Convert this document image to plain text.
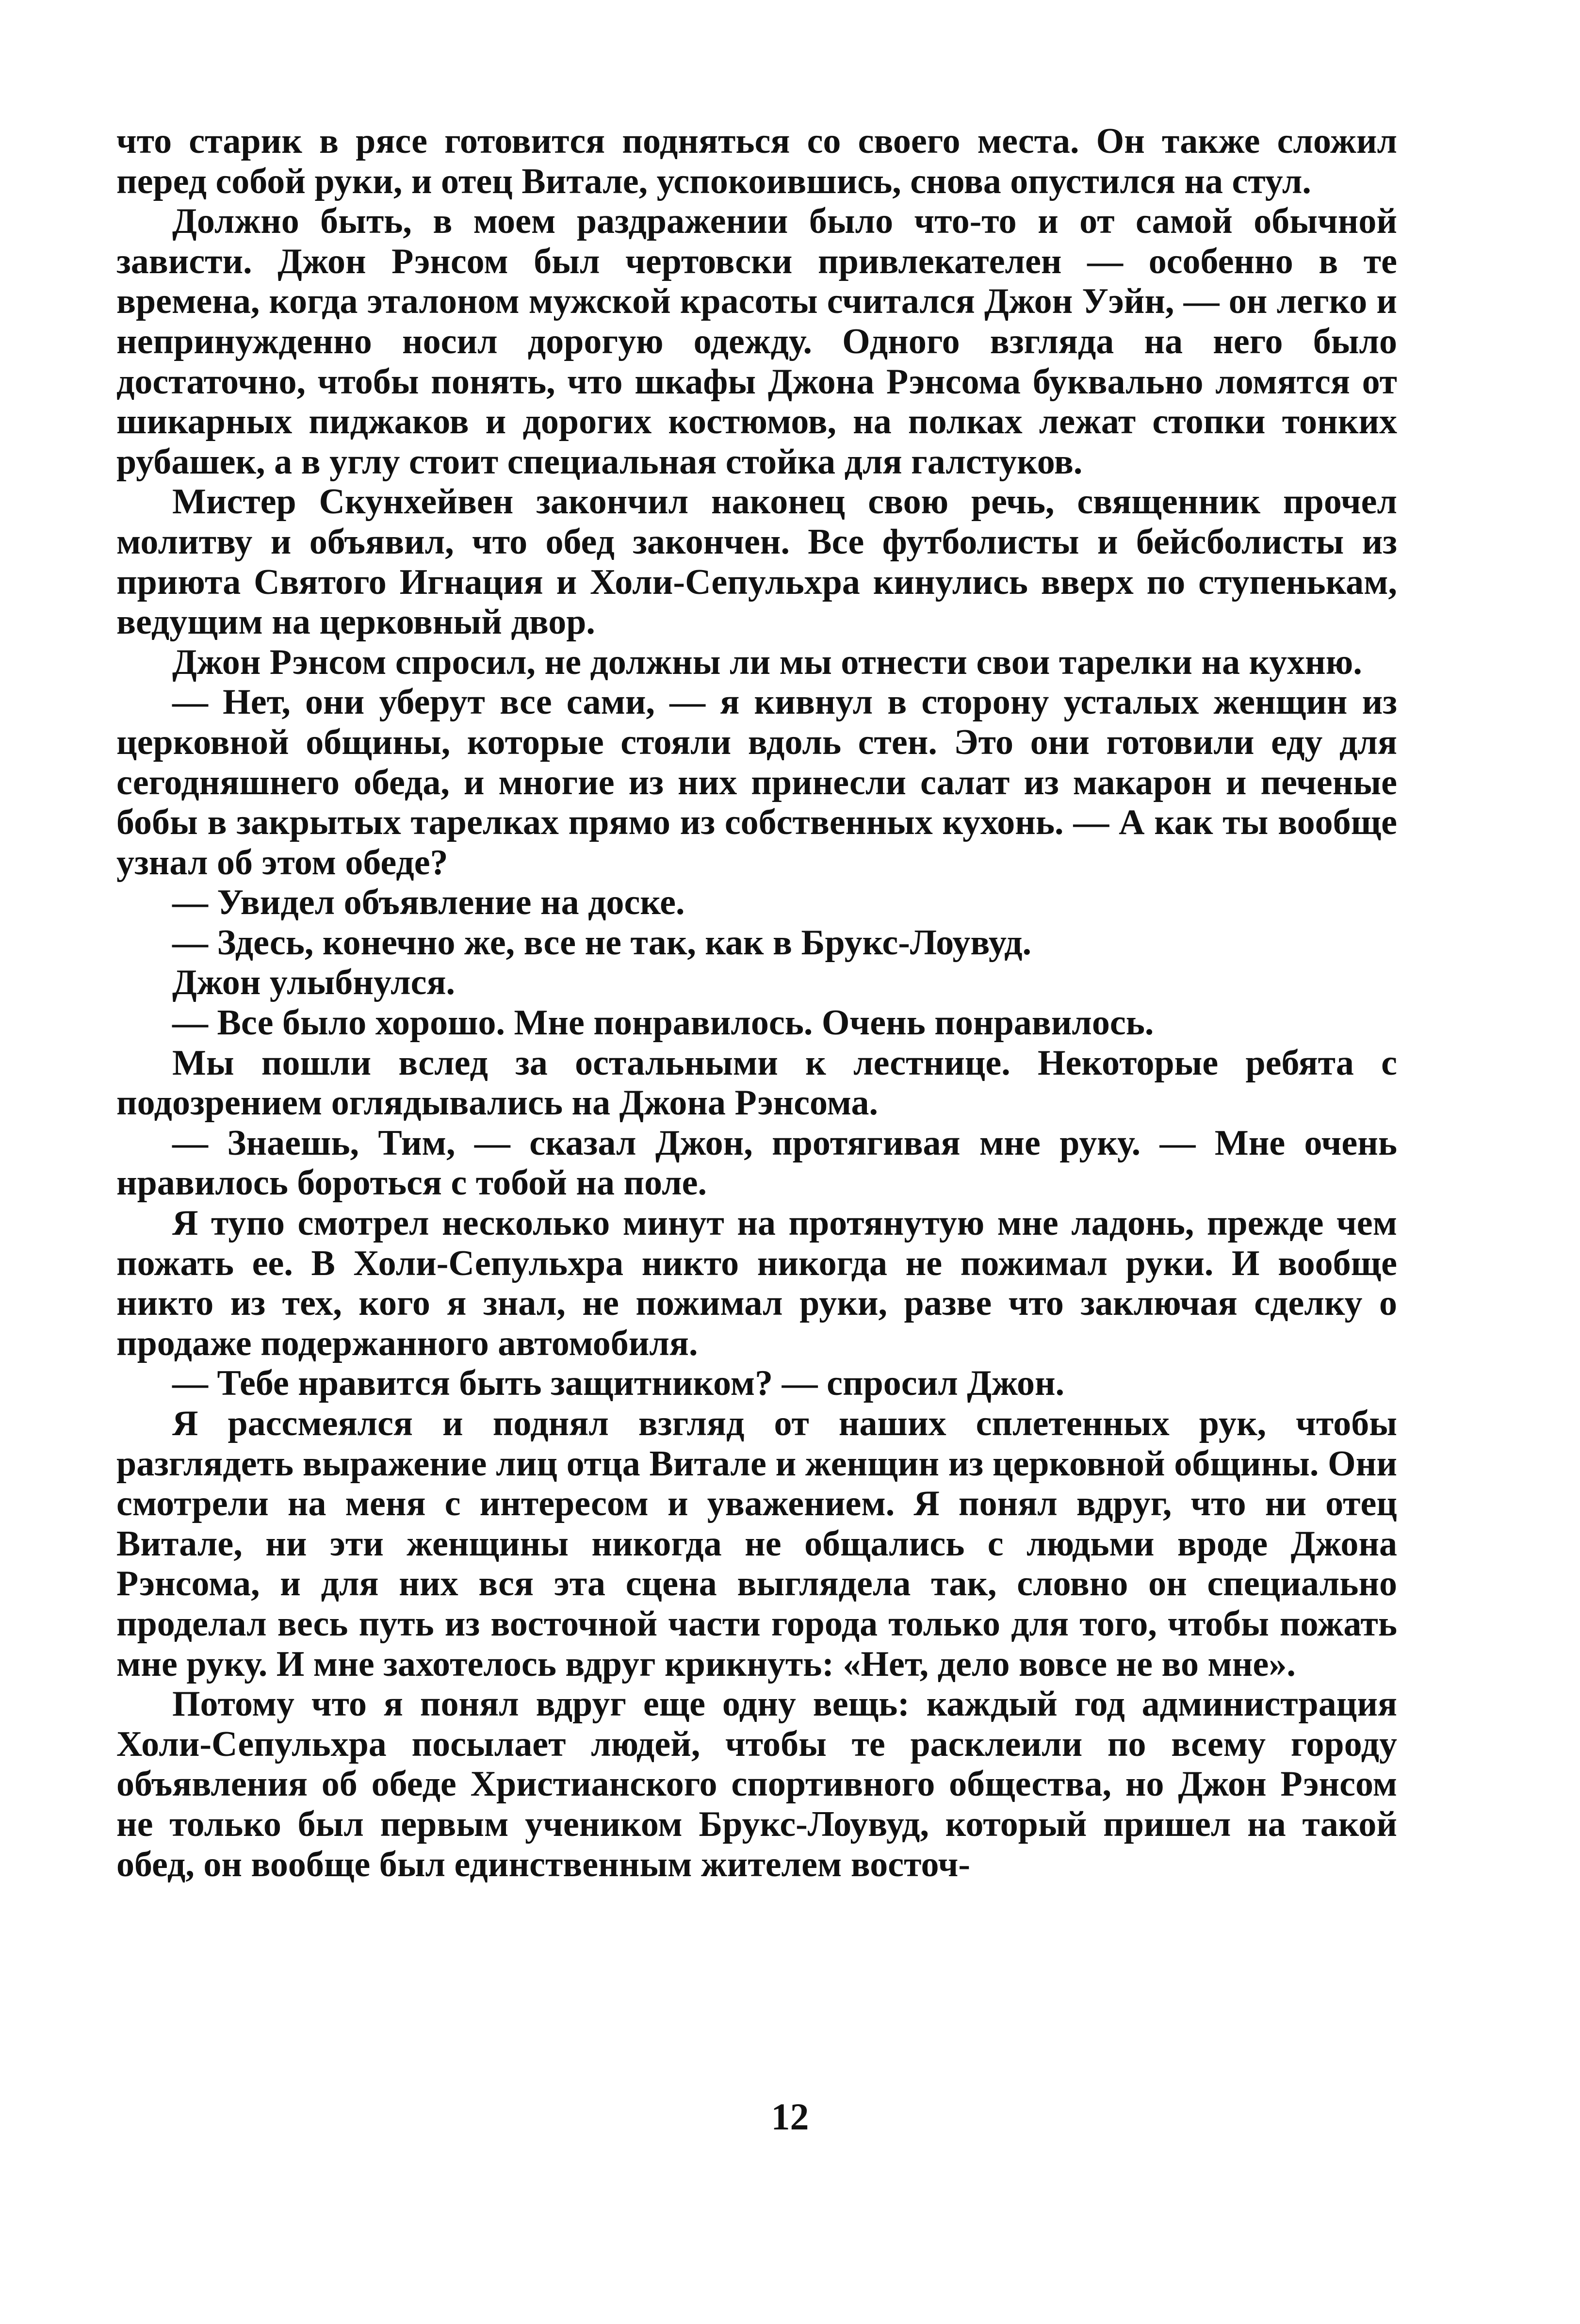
что старик в рясе готовится подняться со своего места. Он также сложил перед собой руки, и отец Витале, успокоившись, снова опустился на стул.

Должно быть, в моем раздражении было что-то и от самой обычной зависти. Джон Рэнсом был чертовски привлекателен — особенно в те времена, когда эталоном мужской красоты считался Джон Уэйн, — он легко и непринужденно носил дорогую одежду. Одного взгляда на него было достаточно, чтобы понять, что шкафы Джона Рэнсома буквально ломятся от шикарных пиджаков и дорогих костюмов, на полках лежат стопки тонких рубашек, а в углу стоит специальная стойка для галстуков.

Мистер Скунхейвен закончил наконец свою речь, священник прочел молитву и объявил, что обед закончен. Все футболисты и бейсболисты из приюта Святого Игнация и Холи-Сепульхра кинулись вверх по ступенькам, ведущим на церковный двор.

Джон Рэнсом спросил, не должны ли мы отнести свои тарелки на кухню.

— Нет, они уберут все сами, — я кивнул в сторону усталых женщин из церковной общины, которые стояли вдоль стен. Это они готовили еду для сегодняшнего обеда, и многие из них принесли салат из макарон и печеные бобы в закрытых тарелках прямо из собственных кухонь. — А как ты вообще узнал об этом обеде?

— Увидел объявление на доске.

— Здесь, конечно же, все не так, как в Брукс-Лоувуд.

Джон улыбнулся.

— Все было хорошо. Мне понравилось. Очень понравилось.

Мы пошли вслед за остальными к лестнице. Некоторые ребята с подозрением оглядывались на Джона Рэнсома.

— Знаешь, Тим, — сказал Джон, протягивая мне руку. — Мне очень нравилось бороться с тобой на поле.

Я тупо смотрел несколько минут на протянутую мне ладонь, прежде чем пожать ее. В Холи-Сепульхра никто никогда не пожимал руки. И вообще никто из тех, кого я знал, не пожимал руки, разве что заключая сделку о продаже подержанного автомобиля.

— Тебе нравится быть защитником? — спросил Джон.

Я рассмеялся и поднял взгляд от наших сплетенных рук, чтобы разглядеть выражение лиц отца Витале и женщин из церковной общины. Они смотрели на меня с интересом и уважением. Я понял вдруг, что ни отец Витале, ни эти женщины никогда не общались с людьми вроде Джона Рэнсома, и для них вся эта сцена выглядела так, словно он специально проделал весь путь из восточной части города только для того, чтобы пожать мне руку. И мне захотелось вдруг крикнуть: «Нет, дело вовсе не во мне».

Потому что я понял вдруг еще одну вещь: каждый год администрация Холи-Сепульхра посылает людей, чтобы те расклеили по всему городу объявления об обеде Христианского спортивного общества, но Джон Рэнсом не только был первым учеником Брукс-Лоувуд, который пришел на такой обед, он вообще был единственным жителем восточ-

12
